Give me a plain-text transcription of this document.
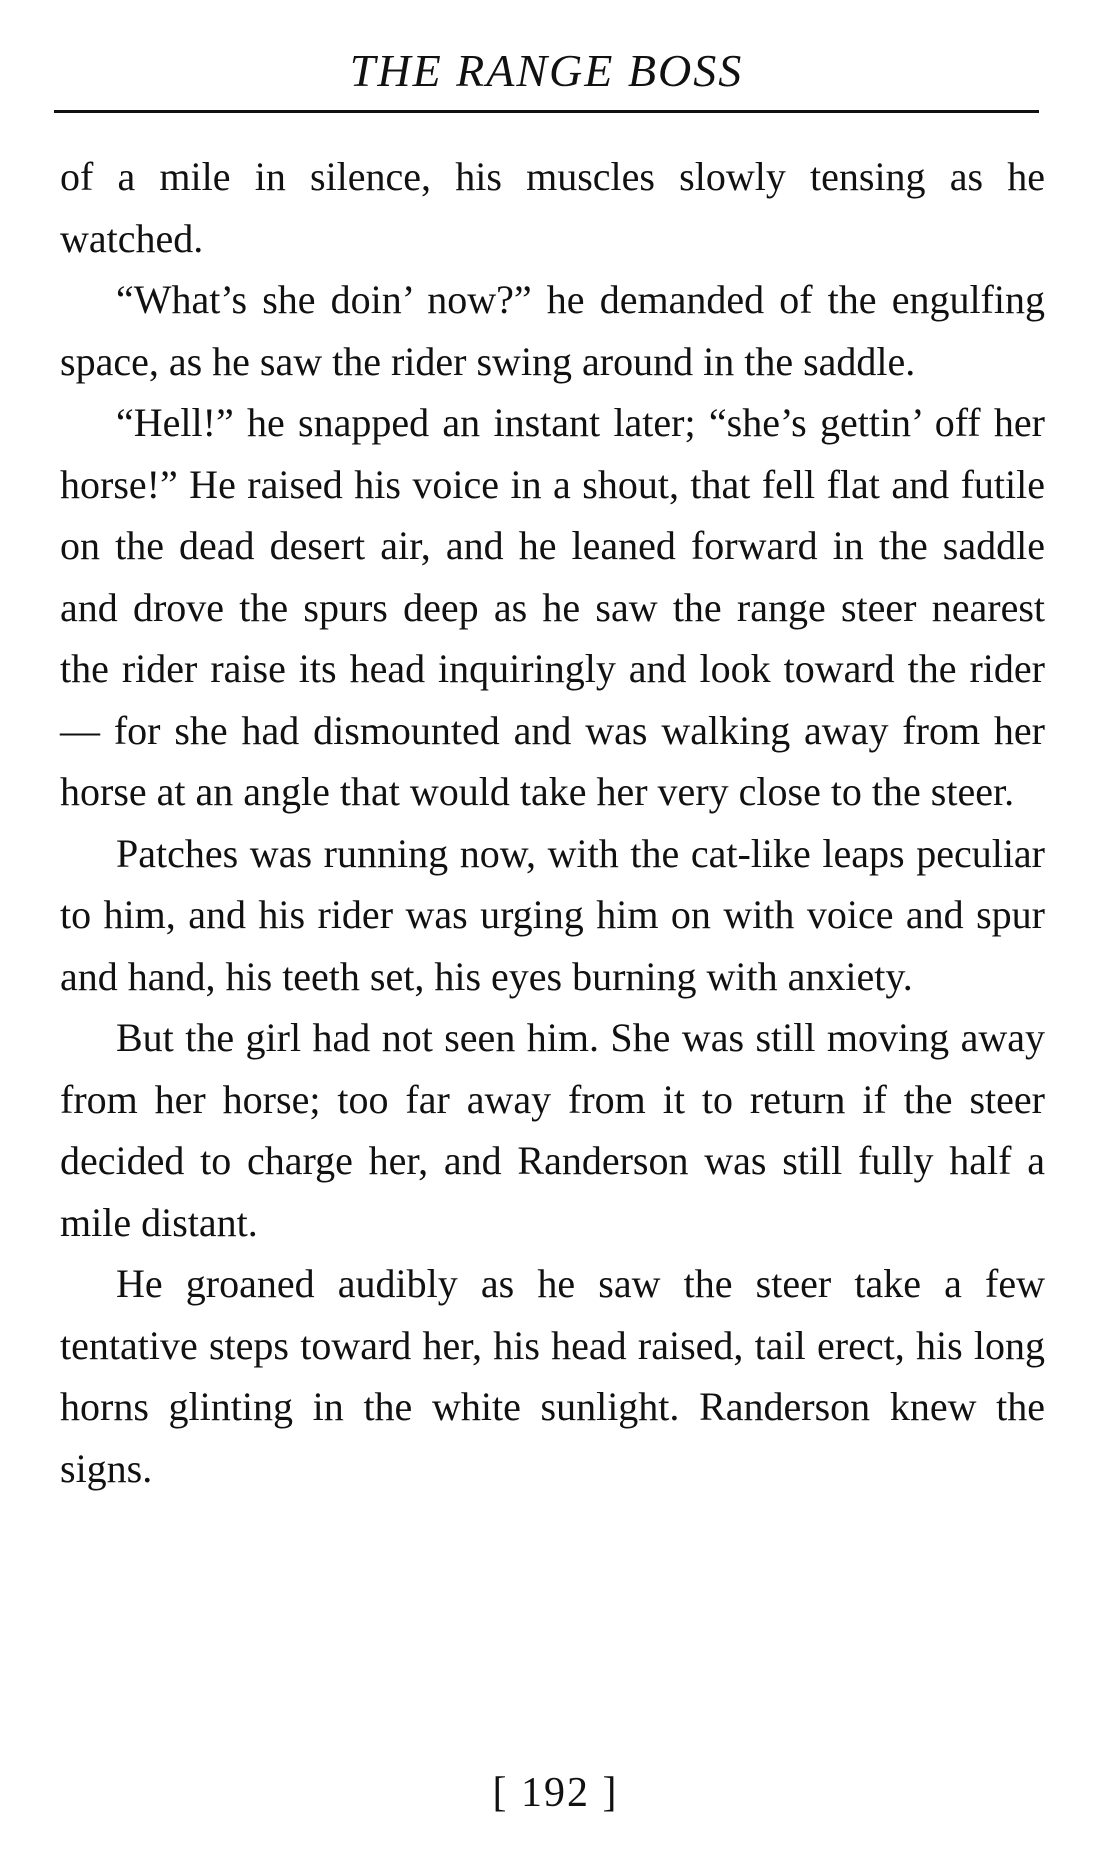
THE RANGE BOSS

of a mile in silence, his muscles slowly tensing as he watched.

“What’s she doin’ now?” he demanded of the engulfing space, as he saw the rider swing around in the saddle.

“Hell!” he snapped an instant later; “she’s gettin’ off her horse!” He raised his voice in a shout, that fell flat and futile on the dead desert air, and he leaned forward in the saddle and drove the spurs deep as he saw the range steer nearest the rider raise its head inquiringly and look toward the rider — for she had dismounted and was walking away from her horse at an angle that would take her very close to the steer.

Patches was running now, with the cat-like leaps peculiar to him, and his rider was urging him on with voice and spur and hand, his teeth set, his eyes burning with anxiety.

But the girl had not seen him. She was still moving away from her horse; too far away from it to return if the steer decided to charge her, and Randerson was still fully half a mile distant.

He groaned audibly as he saw the steer take a few tentative steps toward her, his head raised, tail erect, his long horns glinting in the white sunlight. Randerson knew the signs.

[ 192 ]
